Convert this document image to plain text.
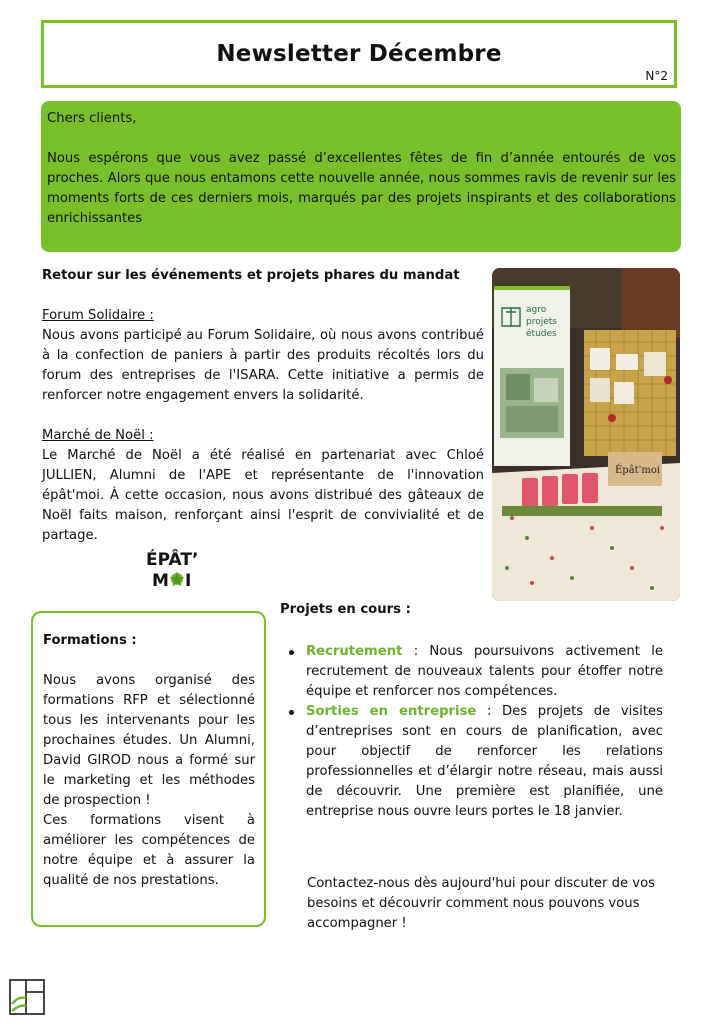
Newsletter Décembre
N°2

Chers clients,

Nous espérons que vous avez passé d’excellentes fêtes de fin d’année entourés de vos proches. Alors que nous entamons cette nouvelle année, nous sommes ravis de revenir sur les moments forts de ces derniers mois, marqués par des projets inspirants et des collaborations enrichissantes

Retour sur les événements et projets phares du mandat

Forum Solidaire :

Nous avons participé au Forum Solidaire, où nous avons contribué à la confection de paniers à partir des produits récoltés lors du forum des entreprises de l'ISARA. Cette initiative a permis de renforcer notre engagement envers la solidarité.

Marché de Noël :

Le Marché de Noël a été réalisé en partenariat avec Chloé JULLIEN, Alumni de l'APE et représentante de l'innovation épât'moi. À cette occasion, nous avons distribué des gâteaux de Noël faits maison, renforçant ainsi l'esprit de convivialité et de partage.

agro
projets
études
Épât'moi
ÉPÂT’
M I

Formations :

Nous avons organisé des formations RFP et sélectionné tous les intervenants pour les prochaines études. Un Alumni, David GIROD nous a formé sur le marketing et les méthodes de prospection !

Ces formations visent à améliorer les compétences de notre équipe et à assurer la qualité de nos prestations.

Projets en cours :
Recrutement : Nous poursuivons activement le recrutement de nouveaux talents pour étoffer notre équipe et renforcer nos compétences.
Sorties en entreprise : Des projets de visites d’entreprises sont en cours de planification, avec pour objectif de renforcer les relations professionnelles et d’élargir notre réseau, mais aussi de découvrir. Une première est planifiée, une entreprise nous ouvre leurs portes le 18 janvier.
Contactez-nous dès aujourd'hui pour discuter de vos besoins et découvrir comment nous pouvons vous accompagner !
